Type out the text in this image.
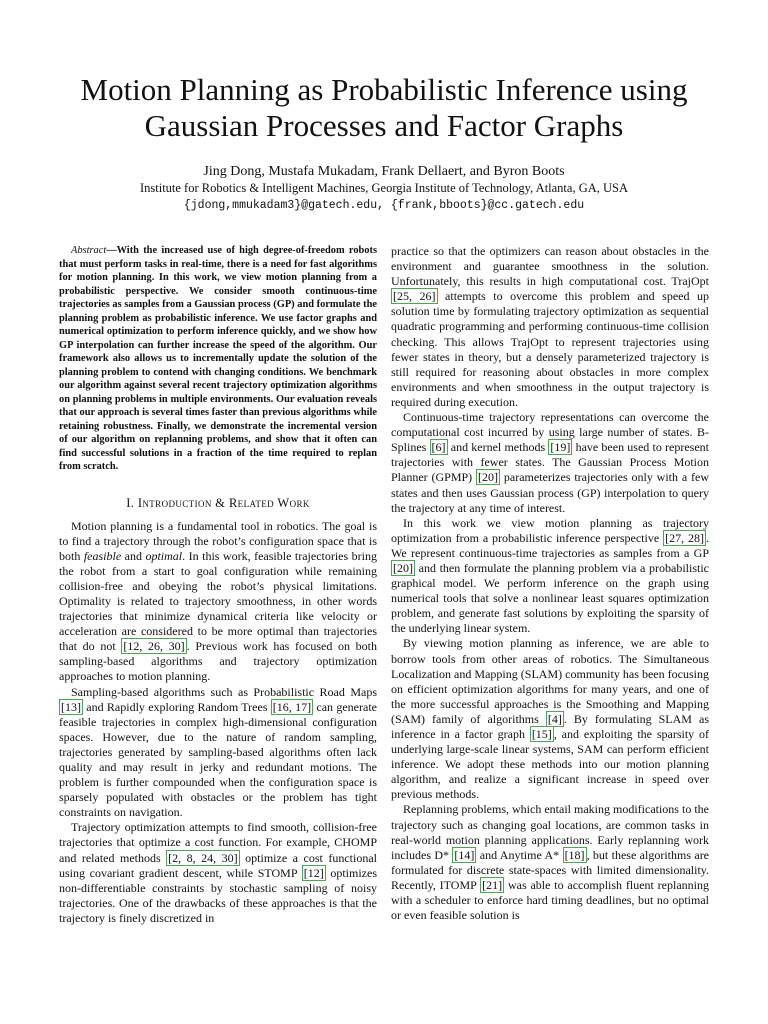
Motion Planning as Probabilistic Inference using
Gaussian Processes and Factor Graphs
Jing Dong, Mustafa Mukadam, Frank Dellaert, and Byron Boots
Institute for Robotics & Intelligent Machines, Georgia Institute of Technology, Atlanta, GA, USA
{jdong,mmukadam3}@gatech.edu, {frank,bboots}@cc.gatech.edu

Abstract—With the increased use of high degree-of-freedom robots that must perform tasks in real-time, there is a need for fast algorithms for motion planning. In this work, we view motion planning from a probabilistic perspective. We consider smooth continuous-time trajectories as samples from a Gaussian process (GP) and formulate the planning problem as probabilistic inference. We use factor graphs and numerical optimization to perform inference quickly, and we show how GP interpolation can further increase the speed of the algorithm. Our framework also allows us to incrementally update the solution of the planning problem to contend with changing conditions. We benchmark our algorithm against several recent trajectory optimization algorithms on planning problems in multiple environments. Our evaluation reveals that our approach is several times faster than previous algorithms while retaining robustness. Finally, we demonstrate the incremental version of our algorithm on replanning problems, and show that it often can find successful solutions in a fraction of the time required to replan from scratch.

I. Introduction & Related Work

Motion planning is a fundamental tool in robotics. The goal is to find a trajectory through the robot’s configuration space that is both feasible and optimal. In this work, feasible trajectories bring the robot from a start to goal configuration while remaining collision-free and obeying the robot’s physical limitations. Optimality is related to trajectory smoothness, in other words trajectories that minimize dynamical criteria like velocity or acceleration are considered to be more optimal than trajectories that do not [12, 26, 30] . Previous work has focused on both sampling-based algorithms and trajectory optimization approaches to motion planning.

Sampling-based algorithms such as Probabilistic Road Maps [13] and Rapidly exploring Random Trees [16, 17] can generate feasible trajectories in complex high-dimensional configuration spaces. However, due to the nature of random sampling, trajectories generated by sampling-based algorithms often lack quality and may result in jerky and redundant motions. The problem is further compounded when the configuration space is sparsely populated with obstacles or the problem has tight constraints on navigation.

Trajectory optimization attempts to find smooth, collision-free trajectories that optimize a cost function. For example, CHOMP and related methods [2, 8, 24, 30] optimize a cost functional using covariant gradient descent, while STOMP [12] optimizes non-differentiable constraints by stochastic sampling of noisy trajectories. One of the drawbacks of these approaches is that the trajectory is finely discretized in

practice so that the optimizers can reason about obstacles in the environment and guarantee smoothness in the solution. Unfortunately, this results in high computational cost. TrajOpt [25, 26] attempts to overcome this problem and speed up solution time by formulating trajectory optimization as sequential quadratic programming and performing continuous-time collision checking. This allows TrajOpt to represent trajectories using fewer states in theory, but a densely parameterized trajectory is still required for reasoning about obstacles in more complex environments and when smoothness in the output trajectory is required during execution.

Continuous-time trajectory representations can overcome the computational cost incurred by using large number of states. B-Splines [6] and kernel methods [19] have been used to represent trajectories with fewer states. The Gaussian Process Motion Planner (GPMP) [20] parameterizes trajectories only with a few states and then uses Gaussian process (GP) interpolation to query the trajectory at any time of interest.

In this work we view motion planning as trajectory optimization from a probabilistic inference perspective [27, 28] . We represent continuous-time trajectories as samples from a GP [20] and then formulate the planning problem via a probabilistic graphical model. We perform inference on the graph using numerical tools that solve a nonlinear least squares optimization problem, and generate fast solutions by exploiting the sparsity of the underlying linear system.

By viewing motion planning as inference, we are able to borrow tools from other areas of robotics. The Simultaneous Localization and Mapping (SLAM) community has been focusing on efficient optimization algorithms for many years, and one of the more successful approaches is the Smoothing and Mapping (SAM) family of algorithms [4] . By formulating SLAM as inference in a factor graph [15] , and exploiting the sparsity of underlying large-scale linear systems, SAM can perform efficient inference. We adopt these methods into our motion planning algorithm, and realize a significant increase in speed over previous methods.

Replanning problems, which entail making modifications to the trajectory such as changing goal locations, are common tasks in real-world motion planning applications. Early replanning work includes D* [14] and Anytime A* [18] , but these algorithms are formulated for discrete state-spaces with limited dimensionality. Recently, ITOMP [21] was able to accomplish fluent replanning with a scheduler to enforce hard timing deadlines, but no optimal or even feasible solution is
